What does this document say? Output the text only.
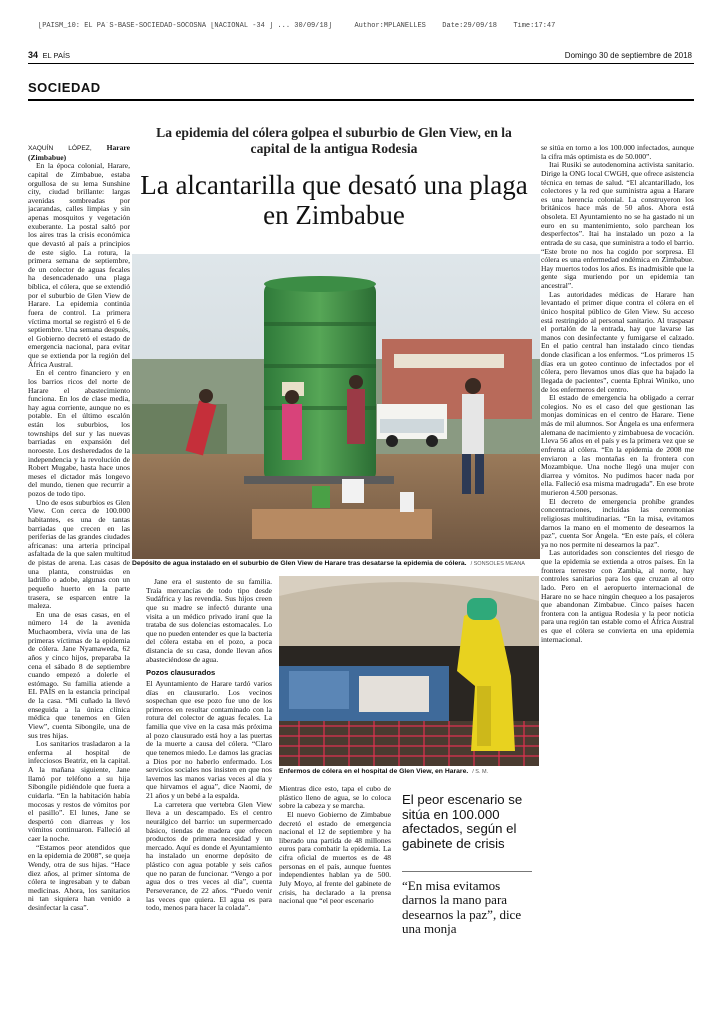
[PAISM_10: EL PA´S-BASE-SOCIEDAD-SOCOSNA [NACIONAL -34 ] ... 30/09/18]	Author:MPLANELLES Date:29/09/18 Time:17:47
34 EL PAÍS	Domingo 30 de septiembre de 2018
SOCIEDAD
La epidemia del cólera golpea el suburbio de Glen View, en la capital de la antigua Rodesia
La alcantarilla que desató una plaga en Zimbabue

XAQUÍN LÓPEZ, Harare (Zimbabue)

En la época colonial, Harare, capital de Zimbabue, estaba orgullosa de su lema Sunshine city, ciudad brillante: largas avenidas sombreadas por jacarandas, calles limpias y sin apenas mosquitos y vegetación exuberante. La postal saltó por los aires tras la crisis económica que devastó al país a principios de este siglo. La rotura, la primera semana de septiembre, de un colector de aguas fecales ha desencadenado una plaga bíblica, el cólera, que se extendió por el suburbio de Glen View de Harare. La epidemia continúa fuera de control. La primera víctima mortal se registró el 6 de septiembre. Una semana después, el Gobierno decretó el estado de emergencia nacional, para evitar que se extienda por la región del África Austral.

En el centro financiero y en los barrios ricos del norte de Harare el abastecimiento funciona. En los de clase media, hay agua corriente, aunque no es potable. En el último escalón están los suburbios, los townships del sur y las nuevas barriadas en expansión del noroeste. Los desheredados de la independencia y la revolución de Robert Mugabe, hasta hace unos meses el dictador más longevo del mundo, tienen que recurrir a pozos de todo tipo.

Uno de esos suburbios es Glen View. Con cerca de 100.000 habitantes, es una de tantas barriadas que crecen en las periferias de las grandes ciudades africanas: una arteria principal asfaltada de la que salen multitud de pistas de arena. Las casas de una planta, construidas en ladrillo o adobe, algunas con un pequeño huerto en la parte trasera, se esparcen entre la maleza.

En una de esas casas, en el número 14 de la avenida Muchaombera, vivía una de las primeras víctimas de la epidemia de cólera. Jane Nyamaweda, 62 años y cinco hijos, preparaba la cena el sábado 8 de septiembre cuando empezó a dolerle el estómago. Su familia atiende a EL PAÍS en la estancia principal de la casa. “Mi cuñado la llevó enseguida a la única clínica médica que tenemos en Glen View”, cuenta Sibongile, una de sus tres hijas.

Los sanitarios trasladaron a la enferma al hospital de infecciosos Beatriz, en la capital. A la mañana siguiente, Jane llamó por teléfono a su hija Sibongile pidiéndole que fuera a cuidarla. “En la habitación había mocosas y restos de vómitos por el pasillo”. El lunes, Jane se despertó con diarreas y los vómitos continuaron. Falleció al caer la noche.

“Estamos peor atendidos que en la epidemia de 2008”, se queja Wendy, otra de sus hijas. “Hace diez años, al primer síntoma de cólera te ingresaban y te daban medicinas. Ahora, los sanitarios ni tan siquiera han venido a desinfectar la casa”.

Depósito de agua instalado en el suburbio de Glen View de Harare tras desatarse la epidemia de cólera. / SONSOLES MEANA

Jane era el sustento de su familia. Traía mercancías de todo tipo desde Sudáfrica y las revendía. Sus hijos creen que su madre se infectó durante una visita a un médico privado iraní que la trataba de sus dolencias estomacales. Lo que no pueden entender es que la bacteria del cólera estaba en el pozo, a poca distancia de su casa, donde llevan años abasteciéndose de agua.

Pozos clausurados

El Ayuntamiento de Harare tardó varios días en clausurarlo. Los vecinos sospechan que ese pozo fue uno de los primeros en resultar contaminado con la rotura del colector de aguas fecales. La familia que vive en la casa más próxima al pozo clausurado está hoy a las puertas de la muerte a causa del cólera. “Claro que tenemos miedo. Le damos las gracias a Dios por no haberlo enfermado. Los servicios sociales nos insisten en que nos lavemos las manos varias veces al día y que hirvamos el agua”, dice Naomi, de 21 años y un bebé a la espalda.

La carretera que vertebra Glen View lleva a un descampado. Es el centro neurálgico del barrio: un supermercado básico, tiendas de madera que ofrecen productos de primera necesidad y un mercado. Aquí es donde el Ayuntamiento ha instalado un enorme depósito de plástico con agua potable y seis caños que no paran de funcionar. “Vengo a por agua dos o tres veces al día”, cuenta Perseverance, de 22 años. “Puedo venir las veces que quiera. El agua es para todo, menos para hacer la colada”.

Enfermos de cólera en el hospital de Glen View, en Harare. / S. M.

Mientras dice esto, tapa el cubo de plástico lleno de agua, se lo coloca sobre la cabeza y se marcha.

El nuevo Gobierno de Zimbabue decretó el estado de emergencia nacional el 12 de septiembre y ha liberado una partida de 48 millones euros para combatir la epidemia. La cifra oficial de muertos es de 48 personas en el país, aunque fuentes independientes hablan ya de 500. July Moyo, al frente del gabinete de crisis, ha declarado a la prensa nacional que “el peor escenario

El peor escenario se sitúa en 100.000 afectados, según el gabinete de crisis
“En misa evitamos darnos la mano para desearnos la paz”, dice una monja

se sitúa en torno a los 100.000 infectados, aunque la cifra más optimista es de 50.000”.

Itai Rusiki se autodenomina activista sanitario. Dirige la ONG local CWGH, que ofrece asistencia técnica en temas de salud. “El alcantarillado, los colectores y la red que suministra agua a Harare es una herencia colonial. La construyeron los británicos hace más de 50 años. Ahora está obsoleta. El Ayuntamiento no se ha gastado ni un euro en su mantenimiento, solo parchean los desperfectos”. Itai ha instalado un pozo a la entrada de su casa, que suministra a todo el barrio. “Este brote no nos ha cogido por sorpresa. El cólera es una enfermedad endémica en Zimbabue. Hay muertos todos los años. Es inadmisible que la gente siga muriendo por un epidemia tan ancestral”.

Las autoridades médicas de Harare han levantado el primer dique contra el cólera en el único hospital público de Glen View. Su acceso está restringido al personal sanitario. Al traspasar el portalón de la entrada, hay que lavarse las manos con desinfectante y fumigarse el calzado. En el patio central han instalado cinco tiendas donde clasifican a los enfermos. “Los primeros 15 días era un goteo continuo de infectados por el cólera, pero llevamos unos días que ha bajado la llegada de pacientes”, cuenta Ephrai Winiko, uno de los enfermeros del centro.

El estado de emergencia ha obligado a cerrar colegios. No es el caso del que gestionan las monjas dominicas en el centro de Harare. Tiene más de mil alumnos. Sor Ángela es una enfermera alemana de nacimiento y zimbabuesa de vocación. Lleva 56 años en el país y es la primera vez que se enfrenta al cólera. “En la epidemia de 2008 me enviaron a las montañas en la frontera con Mozambique. Una noche llegó una mujer con diarrea y vómitos. No pudimos hacer nada por ella. Falleció esa misma madrugada”. En ese brote murieron 4.500 personas.

El decreto de emergencia prohíbe grandes concentraciones, incluidas las ceremonias religiosas multitudinarias. “En la misa, evitamos darnos la mano en el momento de desearnos la paz”, cuenta Sor Ángela. “En este país, el cólera ya no nos permite ni desearnos la paz”.

Las autoridades son conscientes del riesgo de que la epidemia se extienda a otros países. En la frontera terrestre con Zambia, al norte, hay controles sanitarios para los que cruzan al otro lado. Pero en el aeropuerto internacional de Harare no se hace ningún chequeo a los pasajeros que abandonan Zimbabue. Cinco países hacen frontera con la antigua Rodesia y la peor noticia para una región tan estable como el África Austral es que el cólera se convierta en una epidemia internacional.
